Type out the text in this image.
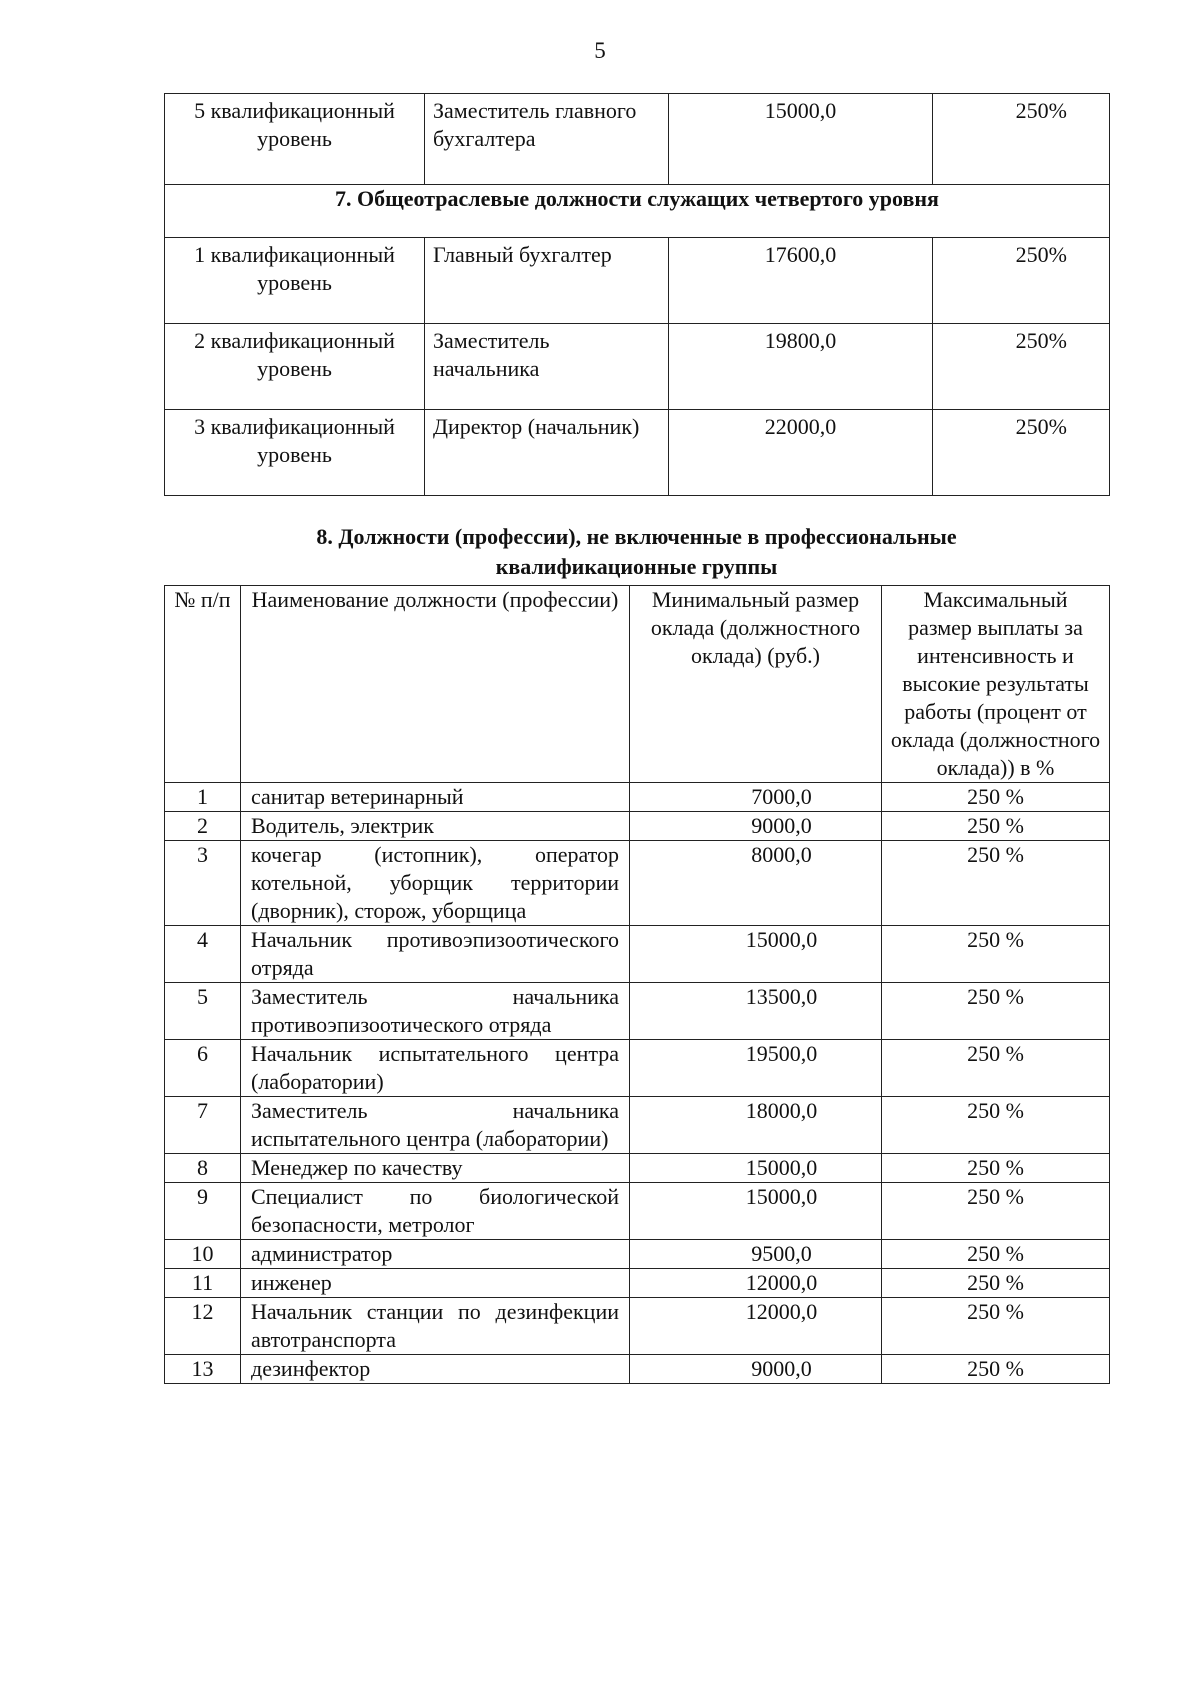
5
5 квалификационный уровень	Заместитель главного бухгалтера	15000,0	250%
7. Общеотраслевые должности служащих четвертого уровня			
1 квалификационный уровень	Главный бухгалтер	17600,0	250%
2 квалификационный уровень	Заместитель начальника	19800,0	250%
3 квалификационный уровень	Директор (начальник)	22000,0	250%
8. Должности (профессии), не включенные в профессиональные
квалификационные группы
№ п/п	Наименование должности (профессии)	Минимальный размер оклада (должностного оклада) (руб.)	Максимальный размер выплаты за интенсивность и высокие результаты работы (процент от оклада (должностного оклада)) в %
1	санитар ветеринарный	7000,0	250 %
2	Водитель, электрик	9000,0	250 %
3	кочегар (истопник), оператор котельной, уборщик территории (дворник), сторож, уборщица	8000,0	250 %
4	Начальник противоэпизоотического отряда	15000,0	250 %
5	Заместитель начальника противоэпизоотического отряда	13500,0	250 %
6	Начальник испытательного центра (лаборатории)	19500,0	250 %
7	Заместитель начальника испытательного центра (лаборатории)	18000,0	250 %
8	Менеджер по качеству	15000,0	250 %
9	Специалист по биологической безопасности, метролог	15000,0	250 %
10	администратор	9500,0	250 %
11	инженер	12000,0	250 %
12	Начальник станции по дезинфекции автотранспорта	12000,0	250 %
13	дезинфектор	9000,0	250 %
